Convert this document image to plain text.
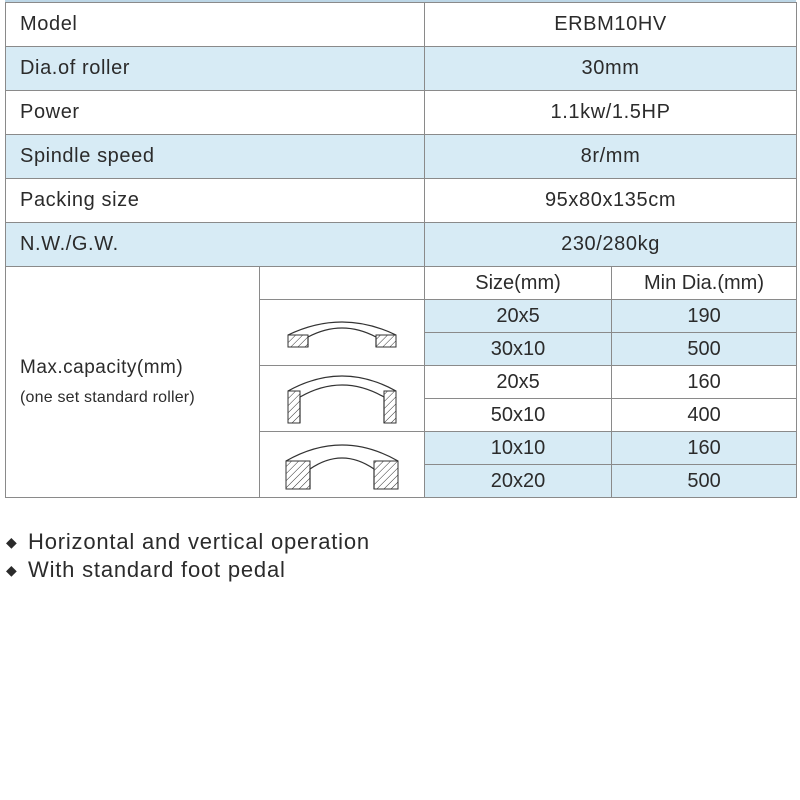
Model		ERBM10HV	
Dia.of roller		30mm	
Power		1.1kw/1.5HP	
Spindle speed		8r/mm	
Packing size		95x80x135cm	
N.W./G.W.		230/280kg	

Max.capacity(mm)
(one set standard roller)		Size(mm)	Min Dia.(mm)

	20x5	190
		30x10	500

	20x5	160
		50x10	400

	10x10	160
		20x20	500
◆ Horizontal and vertical operation
◆ With standard foot pedal
